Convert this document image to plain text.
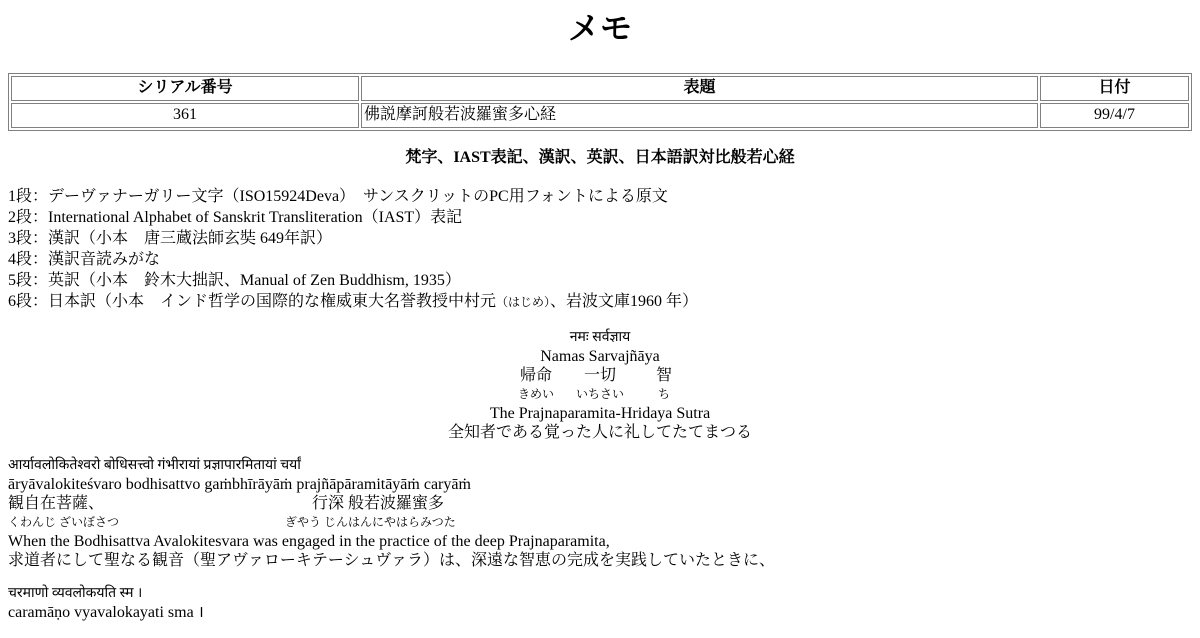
メモ
シリアル番号	表題	日付
361	佛説摩訶般若波羅蜜多心経	99/4/7
梵字、IAST表記、漢訳、英訳、日本語訳対比般若心経
1段：デーヴァナーガリー文字（ISO15924Deva）　サンスクリットのPC用フォントによる原文
2段：International Alphabet of Sanskrit Transliteration（IAST）表記
3段：漢訳（小本　唐三蔵法師玄奘 649年訳）
4段：漢訳音読みがな
5段：英訳（小本　鈴木大拙訳、Manual of Zen Buddhism, 1935）
6段：日本訳（小本　インド哲学の国際的な権威東大名誉教授中村元（はじめ）、岩波文庫1960 年）
नमः सर्वज्ञाय
Namas Sarvajñāya
帰命 一切 智
きめい いちさい	ち
The Prajnaparamita-Hridaya Sutra
全知者である覚った人に礼してたてまつる
आर्यावलोकितेश्वरो बोधिसत्त्वो गंभीरायां प्रज्ञापारमितायां चर्यां
āryāvalokiteśvaro bodhisattvo gaṁbhīrāyāṁ prajñāpāramitāyāṁ caryāṁ
観自在菩薩、	行深 般若波羅蜜多
くわんじ ざいぼさつ	ぎやう じんはんにやはらみつた
When the Bodhisattva Avalokitesvara was engaged in the practice of the deep Prajnaparamita,
求道者にして聖なる観音（聖アヴァローキテーシュヴァラ）は、深遠な智恵の完成を実践していたときに、
चरमाणो व्यवलोकयति स्म ।
caramāṇo vyavalokayati sma ।
